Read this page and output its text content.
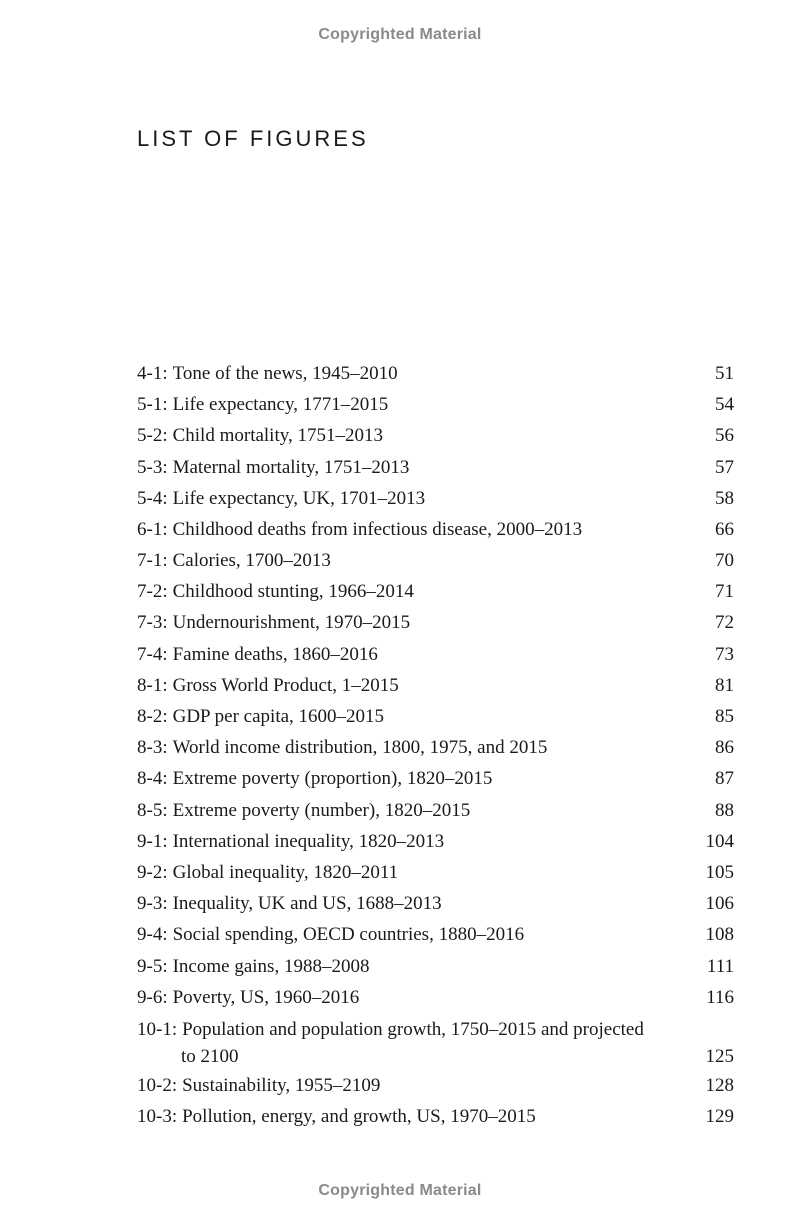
Copyrighted Material
LIST OF FIGURES
4-1: Tone of the news, 1945–2010	51
5-1: Life expectancy, 1771–2015	54
5-2: Child mortality, 1751–2013	56
5-3: Maternal mortality, 1751–2013	57
5-4: Life expectancy, UK, 1701–2013	58
6-1: Childhood deaths from infectious disease, 2000–2013	66
7-1: Calories, 1700–2013	70
7-2: Childhood stunting, 1966–2014	71
7-3: Undernourishment, 1970–2015	72
7-4: Famine deaths, 1860–2016	73
8-1: Gross World Product, 1–2015	81
8-2: GDP per capita, 1600–2015	85
8-3: World income distribution, 1800, 1975, and 2015	86
8-4: Extreme poverty (proportion), 1820–2015	87
8-5: Extreme poverty (number), 1820–2015	88
9-1: International inequality, 1820–2013	104
9-2: Global inequality, 1820–2011	105
9-3: Inequality, UK and US, 1688–2013	106
9-4: Social spending, OECD countries, 1880–2016	108
9-5: Income gains, 1988–2008	111
9-6: Poverty, US, 1960–2016	116
10-1: Population and population growth, 1750–2015 and projected
to 2100	125
10-2: Sustainability, 1955–2109	128
10-3: Pollution, energy, and growth, US, 1970–2015	129
Copyrighted Material
